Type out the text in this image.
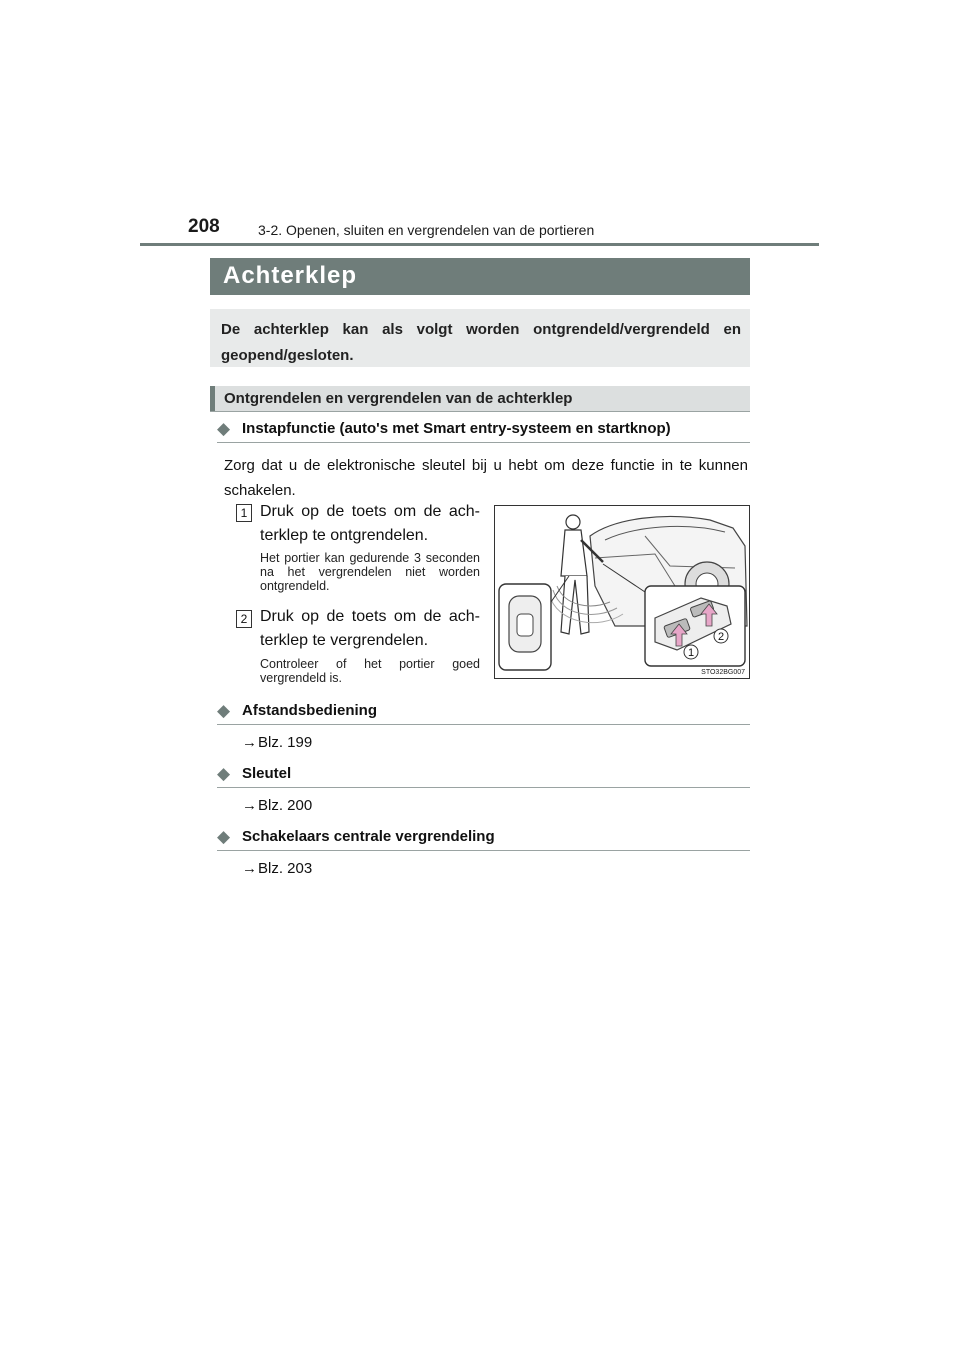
208	3-2. Openen, sluiten en vergrendelen van de portieren
Achterklep
De achterklep kan als volgt worden ontgrendeld/vergrendeld en geopend/gesloten.
Ontgrendelen en vergrendelen van de achterklep
◆ Instapfunctie (auto's met Smart entry-systeem en startknop)
Zorg dat u de elektronische sleutel bij u hebt om deze functie in te kunnen schakelen.
1 Druk op de toets om de ach- terklep te ontgrendelen.
Het portier kan gedurende 3 seconden na het vergrendelen niet worden ontgrendeld.
2 Druk op de toets om de ach- terklep te vergrendelen.
Controleer of het portier goed vergrendeld is.
1
2
STO32BG007
◆ Afstandsbediening
→Blz. 199
◆ Sleutel
→Blz. 200
◆ Schakelaars centrale vergrendeling
→Blz. 203
